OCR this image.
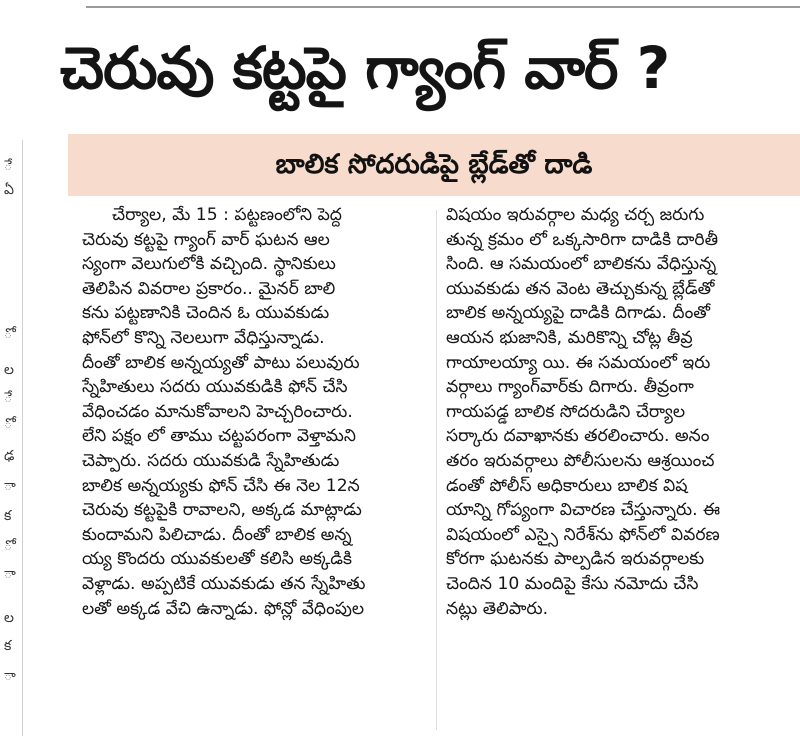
ే
ఏ
ో
ల
ే
ో
ఢ
ా
క
ో
ా
ల
క
ా
చెరువు కట్టపై గ్యాంగ్‌ వార్‌ ?
బాలిక సోదరుడిపై బ్లేడ్‌తో దాడి
చేర్యాల, మే 15 : పట్టణంలోని పెద్ద
చెరువు కట్టపై గ్యాంగ్‌ వార్‌ ఘటన ఆల
స్యంగా వెలుగులోకి వచ్చింది. స్థానికులు
తెలిపిన వివరాల ప్రకారం.. మైనర్‌ బాలి
కను పట్టణానికి చెందిన ఓ యువకుడు
ఫోన్‌లో కొన్ని నెలలుగా వేధిస్తున్నాడు.
దీంతో బాలిక అన్నయ్యతో పాటు పలువురు
స్నేహితులు సదరు యువకుడికి ఫోన్‌ చేసి
వేధించడం మానుకోవాలని హెచ్చరించారు.
లేని పక్షం లో తాము చట్టపరంగా వెళ్తామని
చెప్పారు. సదరు యువకుడి స్నేహితుడు
బాలిక అన్నయ్యకు ఫోన్‌ చేసి ఈ నెల 12న
చెరువు కట్టపైకి రావాలని, అక్కడ మాట్లాడు
కుందామని పిలిచాడు. దీంతో బాలిక అన్న
య్య కొందరు యువకులతో కలిసి అక్కడికి
వెళ్లాడు. అప్పటికే యువకుడు తన స్నేహితు
లతో అక్కడ వేచి ఉన్నాడు. ఫోన్లో వేధింపుల
విషయం ఇరువర్గాల మధ్య చర్చ జరుగు
తున్న క్రమం లో ఒక్కసారిగా దాడికి దారితీ
సింది. ఆ సమయంలో బాలికను వేధిస్తున్న
యువకుడు తన వెంట తెచ్చుకున్న బ్లేడ్‌తో
బాలిక అన్నయ్యపై దాడికి దిగాడు. దీంతో
ఆయన భుజానికి, మరికొన్ని చోట్ల తీవ్ర
గాయాలయ్యా యి. ఈ సమయంలో ఇరు
వర్గాలు గ్యాంగ్‌వార్‌కు దిగారు. తీవ్రంగా
గాయపడ్డ బాలిక సోదరుడిని చేర్యాల
సర్కారు దవాఖానకు తరలించారు. అనం
తరం ఇరువర్గాలు పోలీసులను ఆశ్రయించ
డంతో పోలీస్‌ అధికారులు బాలిక విష
యాన్ని గోప్యంగా విచారణ చేస్తున్నారు. ఈ
విషయంలో ఎస్సై నిరేశ్‌ను ఫోన్‌లో వివరణ
కోరగా ఘటనకు పాల్పడిన ఇరువర్గాలకు
చెందిన 10 మందిపై కేసు నమోదు చేసి
నట్లు తెలిపారు.
